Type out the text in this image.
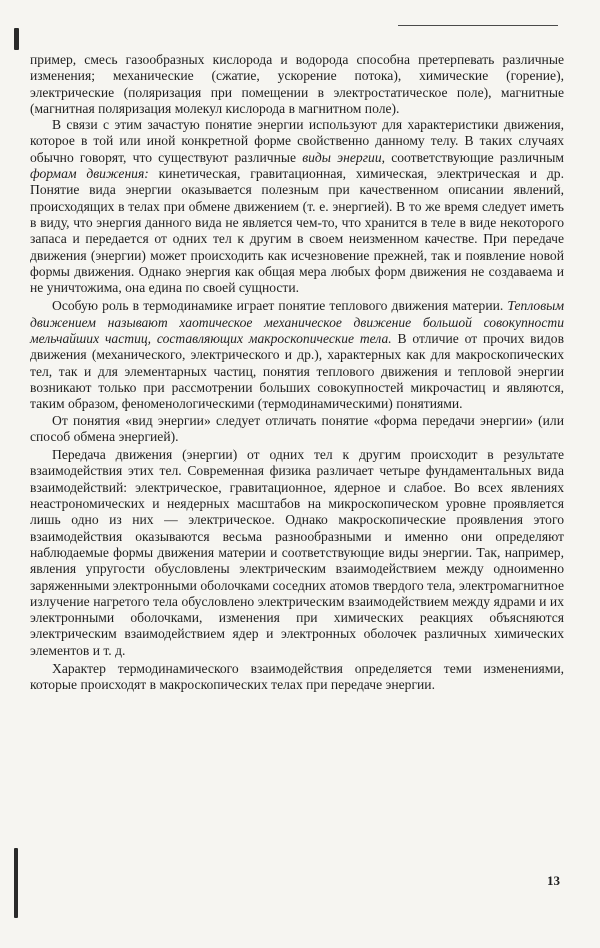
пример, смесь газообразных кислорода и водорода способна претерпевать различные изменения; механические (сжатие, ускорение потока), химические (горение), электрические (поляризация при помещении в электростатическое поле), магнитные (магнитная поляризация молекул кислорода в магнитном поле).

В связи с этим зачастую понятие энергии используют для характеристики движения, которое в той или иной конкретной форме свойственно данному телу. В таких случаях обычно говорят, что существуют различные виды энергии, соответствующие различным формам движения: кинетическая, гравитационная, химическая, электрическая и др. Понятие вида энергии оказывается полезным при качественном описании явлений, происходящих в телах при обмене движением (т. е. энергией). В то же время следует иметь в виду, что энергия данного вида не является чем-то, что хранится в теле в виде некоторого запаса и передается от одних тел к другим в своем неизменном качестве. При передаче движения (энергии) может происходить как исчезновение прежней, так и появление новой формы движения. Однако энергия как общая мера любых форм движения не создаваема и не уничтожима, она едина по своей сущности.

Особую роль в термодинамике играет понятие теплового движения материи. Тепловым движением называют хаотическое механическое движение большой совокупности мельчайших частиц, составляющих макроскопические тела. В отличие от прочих видов движения (механического, электрического и др.), характерных как для макроскопических тел, так и для элементарных частиц, понятия теплового движения и тепловой энергии возникают только при рассмотрении больших совокупностей микрочастиц и являются, таким образом, феноменологическими (термодинамическими) понятиями.

От понятия «вид энергии» следует отличать понятие «форма передачи энергии» (или способ обмена энергией).

Передача движения (энергии) от одних тел к другим происходит в результате взаимодействия этих тел. Современная физика различает четыре фундаментальных вида взаимодействий: электрическое, гравитационное, ядерное и слабое. Во всех явлениях неастрономических и неядерных масштабов на микроскопическом уровне проявляется лишь одно из них — электрическое. Однако макроскопические проявления этого взаимодействия оказываются весьма разнообразными и именно они определяют наблюдаемые формы движения материи и соответствующие виды энергии. Так, например, явления упругости обусловлены электрическим взаимодействием между одноименно заряженными электронными оболочками соседних атомов твердого тела, электромагнитное излучение нагретого тела обусловлено электрическим взаимодействием между ядрами и их электронными оболочками, изменения при химических реакциях объясняются электрическим взаимодействием ядер и электронных оболочек различных химических элементов и т. д.

Характер термодинамического взаимодействия определяется теми изменениями, которые происходят в макроскопических телах при передаче энергии.

13
